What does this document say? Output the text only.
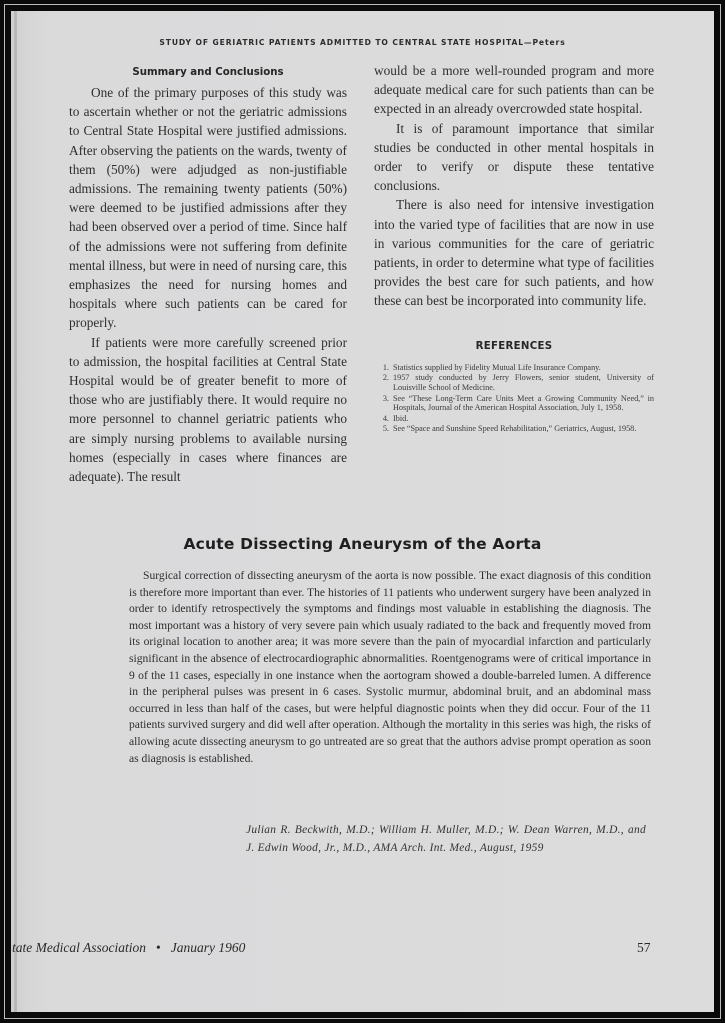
STUDY OF GERIATRIC PATIENTS ADMITTED TO CENTRAL STATE HOSPITAL—Peters
Summary and Conclusions

One of the primary purposes of this study was to ascertain whether or not the geriatric admissions to Central State Hospital were justified admissions. After observing the patients on the wards, twenty of them (50%) were adjudged as non-justifiable admissions. The remaining twenty patients (50%) were deemed to be justified admissions after they had been observed over a period of time. Since half of the admissions were not suffering from definite mental illness, but were in need of nursing care, this emphasizes the need for nursing homes and hospitals where such patients can be cared for properly.

If patients were more carefully screened prior to admission, the hospital facilities at Central State Hospital would be of greater benefit to more of those who are justifiably there. It would require no more personnel to channel geriatric patients who are simply nursing problems to available nursing homes (especially in cases where finances are adequate). The result

would be a more well-rounded program and more adequate medical care for such patients than can be expected in an already overcrowded state hospital.

It is of paramount importance that similar studies be conducted in other mental hospitals in order to verify or dispute these tentative conclusions.

There is also need for intensive investigation into the varied type of facilities that are now in use in various communities for the care of geriatric patients, in order to determine what type of facilities provides the best care for such patients, and how these can best be incorporated into community life.

REFERENCES
1. Statistics supplied by Fidelity Mutual Life Insurance Company.
2. 1957 study conducted by Jerry Flowers, senior student, University of Louisville School of Medicine.
3. See “These Long-Term Care Units Meet a Growing Community Need,” in Hospitals, Journal of the American Hospital Association, July 1, 1958.
4. Ibid.
5. See “Space and Sunshine Speed Rehabilitation,” Geriatrics, August, 1958.
Acute Dissecting Aneurysm of the Aorta

Surgical correction of dissecting aneurysm of the aorta is now possible. The exact diagnosis of this condition is therefore more important than ever. The histories of 11 patients who underwent surgery have been analyzed in order to identify retrospectively the symptoms and findings most valuable in establishing the diagnosis. The most important was a history of very severe pain which usualy radiated to the back and frequently moved from its original location to another area; it was more severe than the pain of myocardial infarction and particularly significant in the absence of electrocardiographic abnormalities. Roentgenograms were of critical importance in 9 of the 11 cases, especially in one instance when the aortogram showed a double-barreled lumen. A difference in the peripheral pulses was present in 6 cases. Systolic murmur, abdominal bruit, and an abdominal mass occurred in less than half of the cases, but were helpful diagnostic points when they did occur. Four of the 11 patients survived surgery and did well after operation. Although the mortality in this series was high, the risks of allowing acute dissecting aneurysm to go untreated are so great that the authors advise prompt operation as soon as diagnosis is established.

Julian R. Beckwith, M.D.; William H. Muller, M.D.; W. Dean Warren, M.D., and J. Edwin Wood, Jr., M.D., AMA Arch. Int. Med., August, 1959
tate Medical Association • January 1960	57
